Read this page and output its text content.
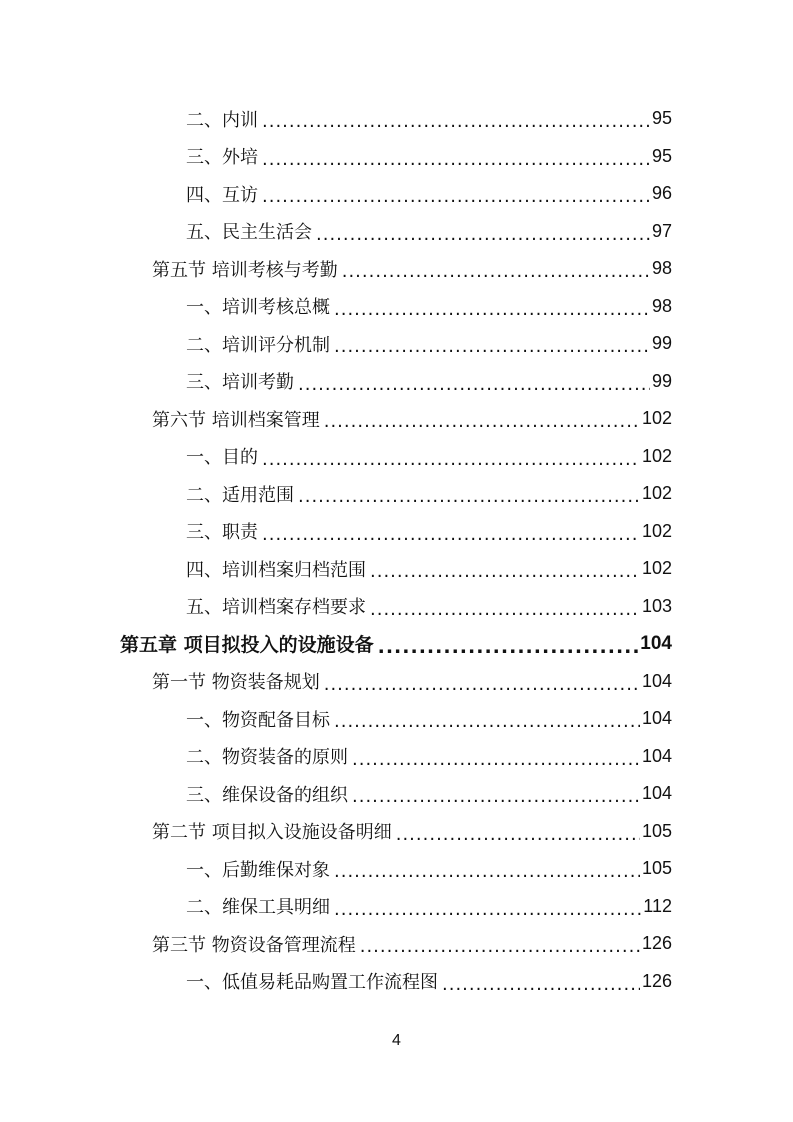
二、内训 .....	95
三、外培 .....	95
四、互访 .....	96
五、民主生活会 .....	97
第五节 培训考核与考勤 .....	98
一、培训考核总概 .....	98
二、培训评分机制 .....	99
三、培训考勤 .....	99
第六节 培训档案管理 .....	102
一、目的 .....	102
二、适用范围 .....	102
三、职责 .....	102
四、培训档案归档范围 .....	102
五、培训档案存档要求 .....	103
第五章 项目拟投入的设施设备 .....	104
第一节 物资装备规划 .....	104
一、物资配备目标 .....	104
二、物资装备的原则 .....	104
三、维保设备的组织 .....	104
第二节 项目拟入设施设备明细 .....	105
一、后勤维保对象 .....	105
二、维保工具明细 .....	112
第三节 物资设备管理流程 .....	126
一、低值易耗品购置工作流程图 .....	126
4
